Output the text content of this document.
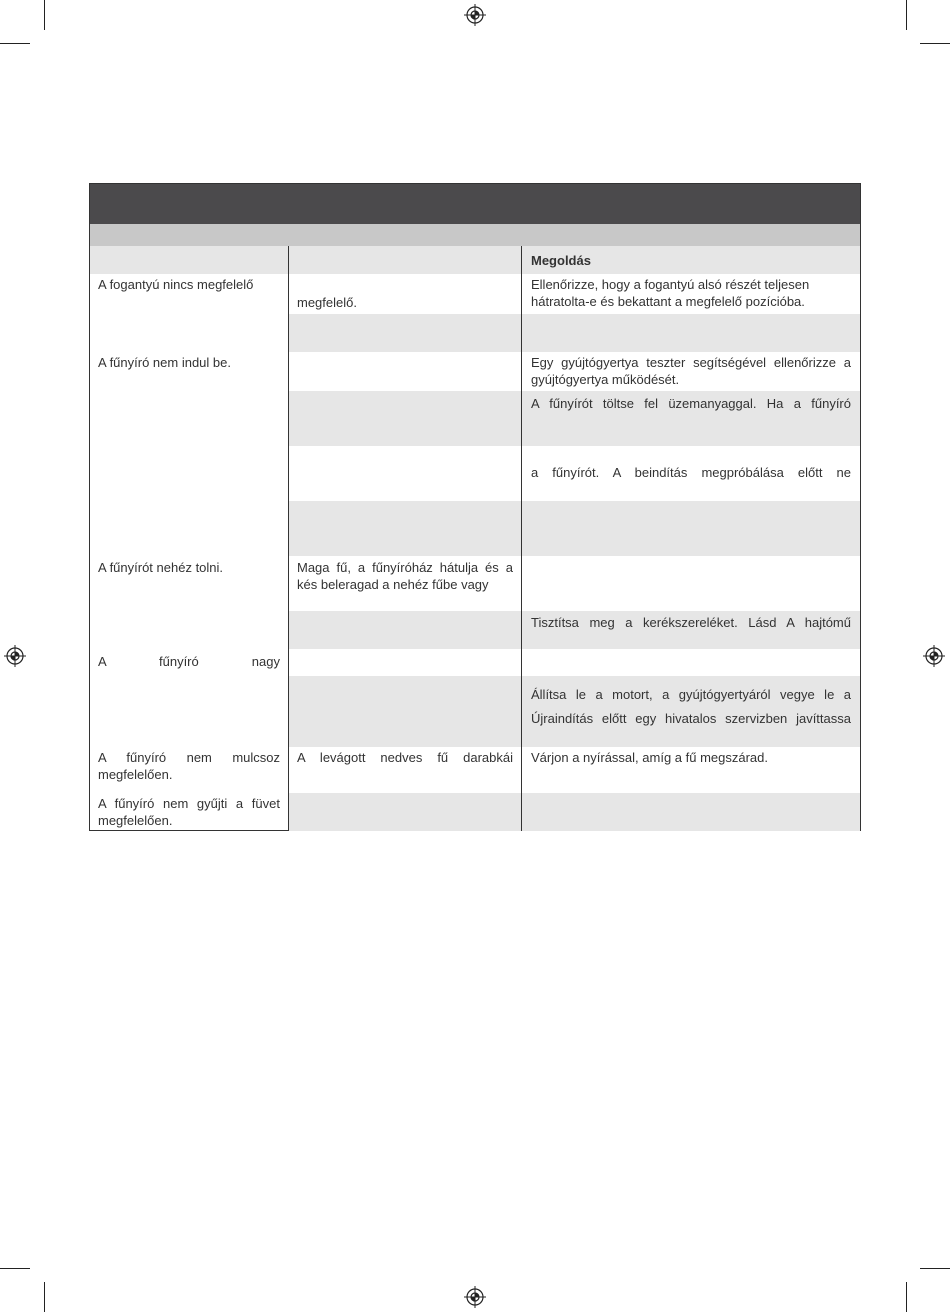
Megoldás
A fogantyú nincs megfelelő
A fűnyíró nem indul be.
A fűnyírót nehéz tolni.
A fűnyíró nagy
A fűnyíró nem mulcsoz megfelelően.
A fűnyíró nem gyűjti a füvet megfelelően.
megfelelő.
Maga fű, a fűnyíróház hátulja és a kés beleragad a nehéz fűbe vagy
A levágott nedves fű darabkái
Ellenőrizze, hogy a fogantyú alsó részét teljesen hátratolta-e és bekattant a megfelelő pozícióba.
Egy gyújtógyertya teszter segítségével ellenőrizze a gyújtógyertya működését.
A fűnyírót töltse fel üzemanyaggal. Ha a fűnyíró
a fűnyírót. A beindítás megpróbálása előtt ne
Tisztítsa meg a kerékszereléket. Lásd A hajtómű
Állítsa le a motort, a gyújtógyertyáról vegye le a
Újraindítás előtt egy hivatalos szervizben javíttassa
Várjon a nyírással, amíg a fű megszárad.
